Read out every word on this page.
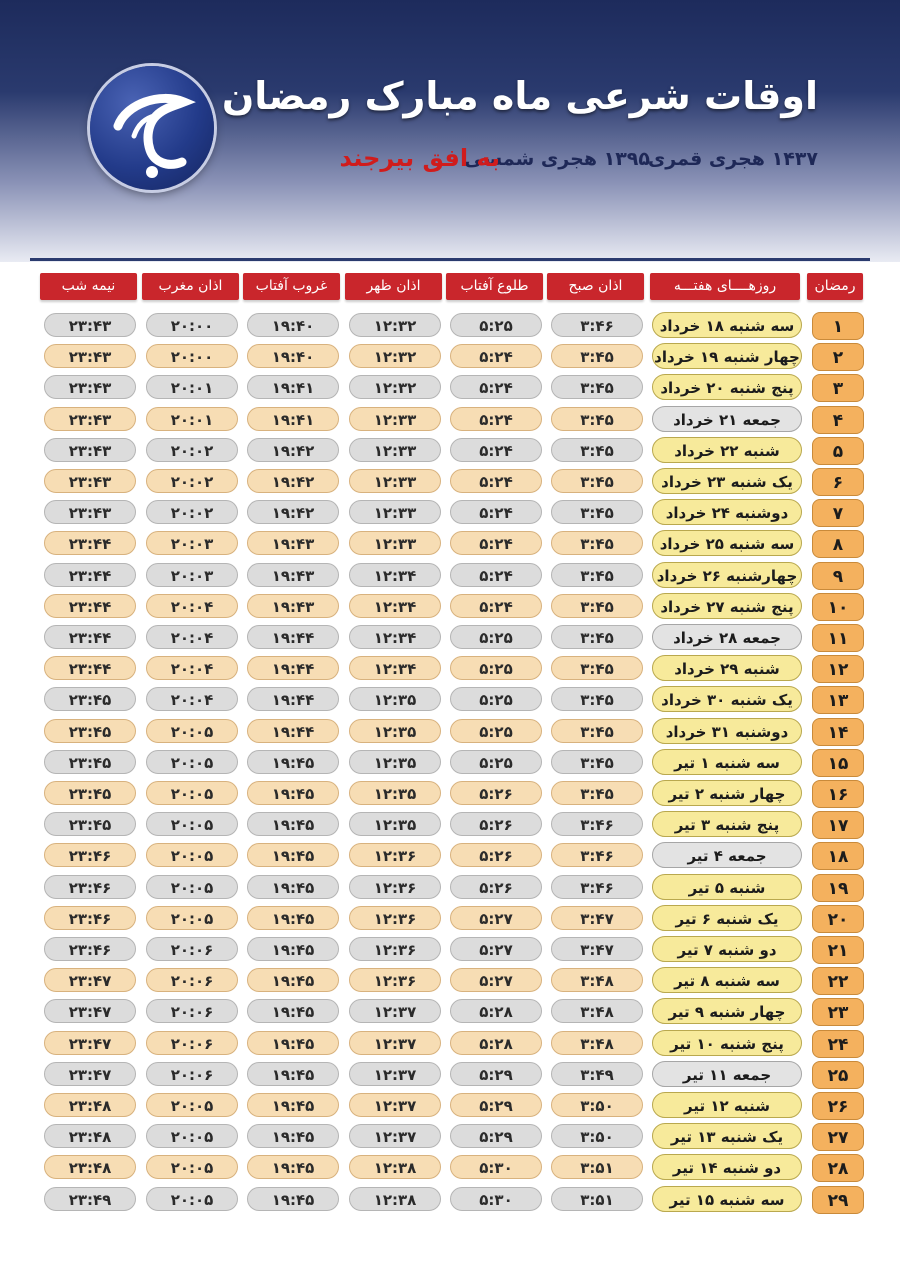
اوقات شرعی ماه مبارک رمضان
۱۴۳۷ هجری قمری
۱۳۹۵ هجری شمسی
به افق بیرجند
رمضان
روزهــــای هفتـــه
اذان صبح
طلوع آفتاب
اذان ظهر
غروب آفتاب
اذان مغرب
نیمه شب
۱
سه شنبه ۱۸ خرداد
۳:۴۶
۵:۲۵
۱۲:۳۲
۱۹:۴۰
۲۰:۰۰
۲۳:۴۳
۲
چهار شنبه ۱۹ خرداد
۳:۴۵
۵:۲۴
۱۲:۳۲
۱۹:۴۰
۲۰:۰۰
۲۳:۴۳
۳
پنج شنبه ۲۰ خرداد
۳:۴۵
۵:۲۴
۱۲:۳۲
۱۹:۴۱
۲۰:۰۱
۲۳:۴۳
۴
جمعه ۲۱ خرداد
۳:۴۵
۵:۲۴
۱۲:۳۳
۱۹:۴۱
۲۰:۰۱
۲۳:۴۳
۵
شنبه ۲۲ خرداد
۳:۴۵
۵:۲۴
۱۲:۳۳
۱۹:۴۲
۲۰:۰۲
۲۳:۴۳
۶
یک شنبه ۲۳ خرداد
۳:۴۵
۵:۲۴
۱۲:۳۳
۱۹:۴۲
۲۰:۰۲
۲۳:۴۳
۷
دوشنبه ۲۴ خرداد
۳:۴۵
۵:۲۴
۱۲:۳۳
۱۹:۴۲
۲۰:۰۲
۲۳:۴۳
۸
سه شنبه ۲۵ خرداد
۳:۴۵
۵:۲۴
۱۲:۳۳
۱۹:۴۳
۲۰:۰۳
۲۳:۴۴
۹
چهارشنبه ۲۶ خرداد
۳:۴۵
۵:۲۴
۱۲:۳۴
۱۹:۴۳
۲۰:۰۳
۲۳:۴۴
۱۰
پنج شنبه ۲۷ خرداد
۳:۴۵
۵:۲۴
۱۲:۳۴
۱۹:۴۳
۲۰:۰۴
۲۳:۴۴
۱۱
جمعه ۲۸ خرداد
۳:۴۵
۵:۲۵
۱۲:۳۴
۱۹:۴۴
۲۰:۰۴
۲۳:۴۴
۱۲
شنبه ۲۹ خرداد
۳:۴۵
۵:۲۵
۱۲:۳۴
۱۹:۴۴
۲۰:۰۴
۲۳:۴۴
۱۳
یک شنبه ۳۰ خرداد
۳:۴۵
۵:۲۵
۱۲:۳۵
۱۹:۴۴
۲۰:۰۴
۲۳:۴۵
۱۴
دوشنبه ۳۱ خرداد
۳:۴۵
۵:۲۵
۱۲:۳۵
۱۹:۴۴
۲۰:۰۵
۲۳:۴۵
۱۵
سه شنبه ۱ تیر
۳:۴۵
۵:۲۵
۱۲:۳۵
۱۹:۴۵
۲۰:۰۵
۲۳:۴۵
۱۶
چهار شنبه ۲ تیر
۳:۴۵
۵:۲۶
۱۲:۳۵
۱۹:۴۵
۲۰:۰۵
۲۳:۴۵
۱۷
پنج شنبه ۳ تیر
۳:۴۶
۵:۲۶
۱۲:۳۵
۱۹:۴۵
۲۰:۰۵
۲۳:۴۵
۱۸
جمعه ۴ تیر
۳:۴۶
۵:۲۶
۱۲:۳۶
۱۹:۴۵
۲۰:۰۵
۲۳:۴۶
۱۹
شنبه ۵ تیر
۳:۴۶
۵:۲۶
۱۲:۳۶
۱۹:۴۵
۲۰:۰۵
۲۳:۴۶
۲۰
یک شنبه ۶ تیر
۳:۴۷
۵:۲۷
۱۲:۳۶
۱۹:۴۵
۲۰:۰۵
۲۳:۴۶
۲۱
دو شنبه ۷ تیر
۳:۴۷
۵:۲۷
۱۲:۳۶
۱۹:۴۵
۲۰:۰۶
۲۳:۴۶
۲۲
سه شنبه ۸ تیر
۳:۴۸
۵:۲۷
۱۲:۳۶
۱۹:۴۵
۲۰:۰۶
۲۳:۴۷
۲۳
چهار شنبه ۹ تیر
۳:۴۸
۵:۲۸
۱۲:۳۷
۱۹:۴۵
۲۰:۰۶
۲۳:۴۷
۲۴
پنج شنبه ۱۰ تیر
۳:۴۸
۵:۲۸
۱۲:۳۷
۱۹:۴۵
۲۰:۰۶
۲۳:۴۷
۲۵
جمعه ۱۱ تیر
۳:۴۹
۵:۲۹
۱۲:۳۷
۱۹:۴۵
۲۰:۰۶
۲۳:۴۷
۲۶
شنبه ۱۲ تیر
۳:۵۰
۵:۲۹
۱۲:۳۷
۱۹:۴۵
۲۰:۰۵
۲۳:۴۸
۲۷
یک شنبه ۱۳ تیر
۳:۵۰
۵:۲۹
۱۲:۳۷
۱۹:۴۵
۲۰:۰۵
۲۳:۴۸
۲۸
دو شنبه ۱۴ تیر
۳:۵۱
۵:۳۰
۱۲:۳۸
۱۹:۴۵
۲۰:۰۵
۲۳:۴۸
۲۹
سه شنبه ۱۵ تیر
۳:۵۱
۵:۳۰
۱۲:۳۸
۱۹:۴۵
۲۰:۰۵
۲۳:۴۹
